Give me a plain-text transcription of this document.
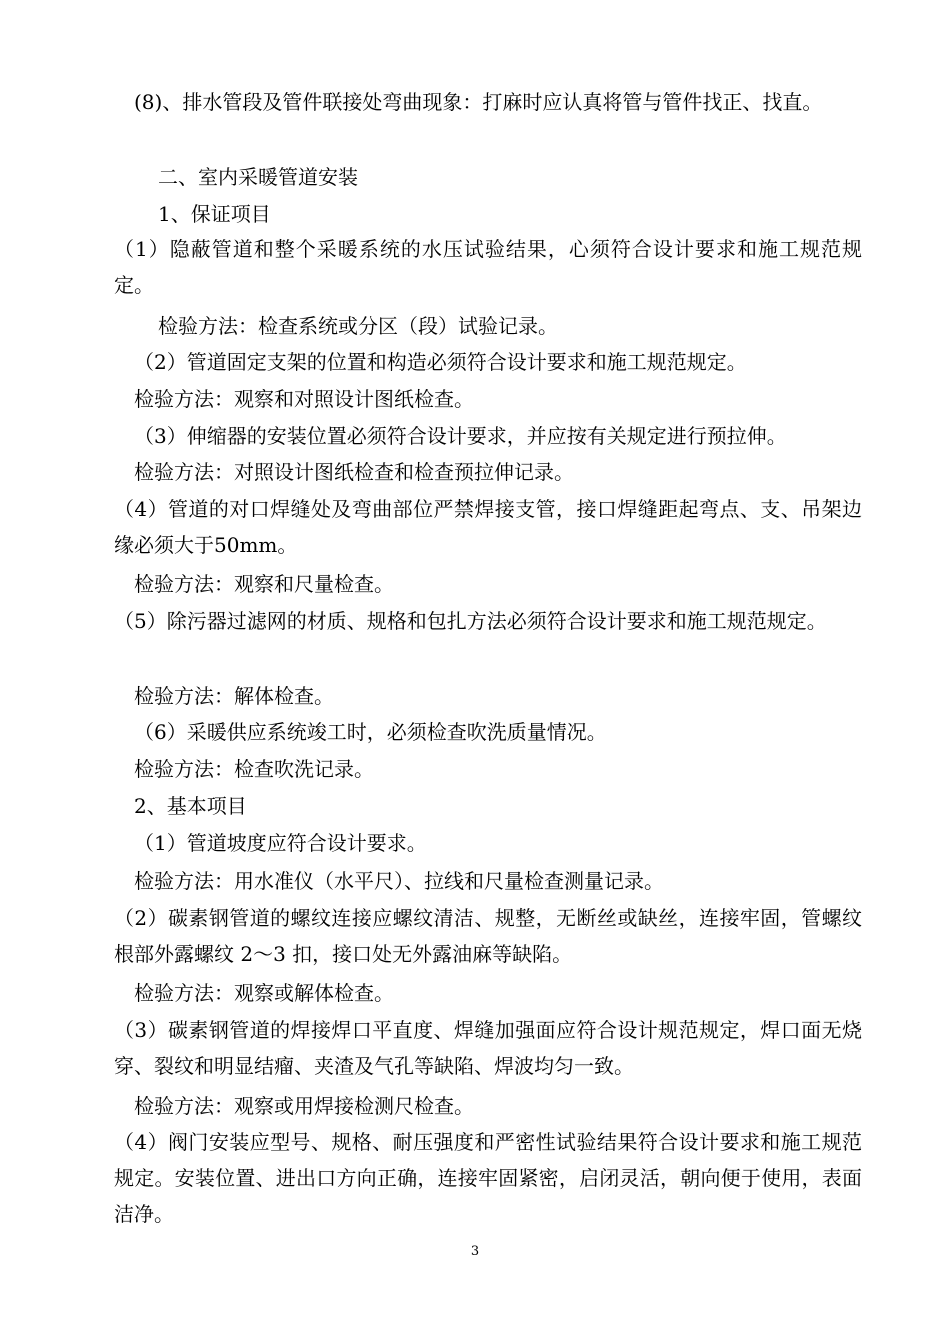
(8)、排水管段及管件联接处弯曲现象：打麻时应认真将管与管件找正、找直。
二、室内采暖管道安装
1、保证项目
（1）隐蔽管道和整个采暖系统的水压试验结果，心须符合设计要求和施工规范规定。
检验方法：检查系统或分区（段）试验记录。
（2）管道固定支架的位置和构造必须符合设计要求和施工规范规定。
检验方法：观察和对照设计图纸检查。
（3）伸缩器的安装位置必须符合设计要求，并应按有关规定进行预拉伸。
检验方法：对照设计图纸检查和检查预拉伸记录。
（4）管道的对口焊缝处及弯曲部位严禁焊接支管，接口焊缝距起弯点、支、吊架边缘必须大于50mm。
检验方法：观察和尺量检查。
（5）除污器过滤网的材质、规格和包扎方法必须符合设计要求和施工规范规定。
检验方法：解体检查。
（6）采暖供应系统竣工时，必须检查吹洗质量情况。
检验方法：检查吹洗记录。
2、基本项目
（1）管道坡度应符合设计要求。
检验方法：用水准仪（水平尺）、拉线和尺量检查测量记录。
（2）碳素钢管道的螺纹连接应螺纹清洁、规整，无断丝或缺丝，连接牢固，管螺纹根部外露螺纹 2～3 扣，接口处无外露油麻等缺陷。
检验方法：观察或解体检查。
（3）碳素钢管道的焊接焊口平直度、焊缝加强面应符合设计规范规定，焊口面无烧穿、裂纹和明显结瘤、夹渣及气孔等缺陷、焊波均匀一致。
检验方法：观察或用焊接检测尺检查。
（4）阀门安装应型号、规格、耐压强度和严密性试验结果符合设计要求和施工规范规定。安装位置、进出口方向正确，连接牢固紧密，启闭灵活，朝向便于使用，表面洁净。
3
